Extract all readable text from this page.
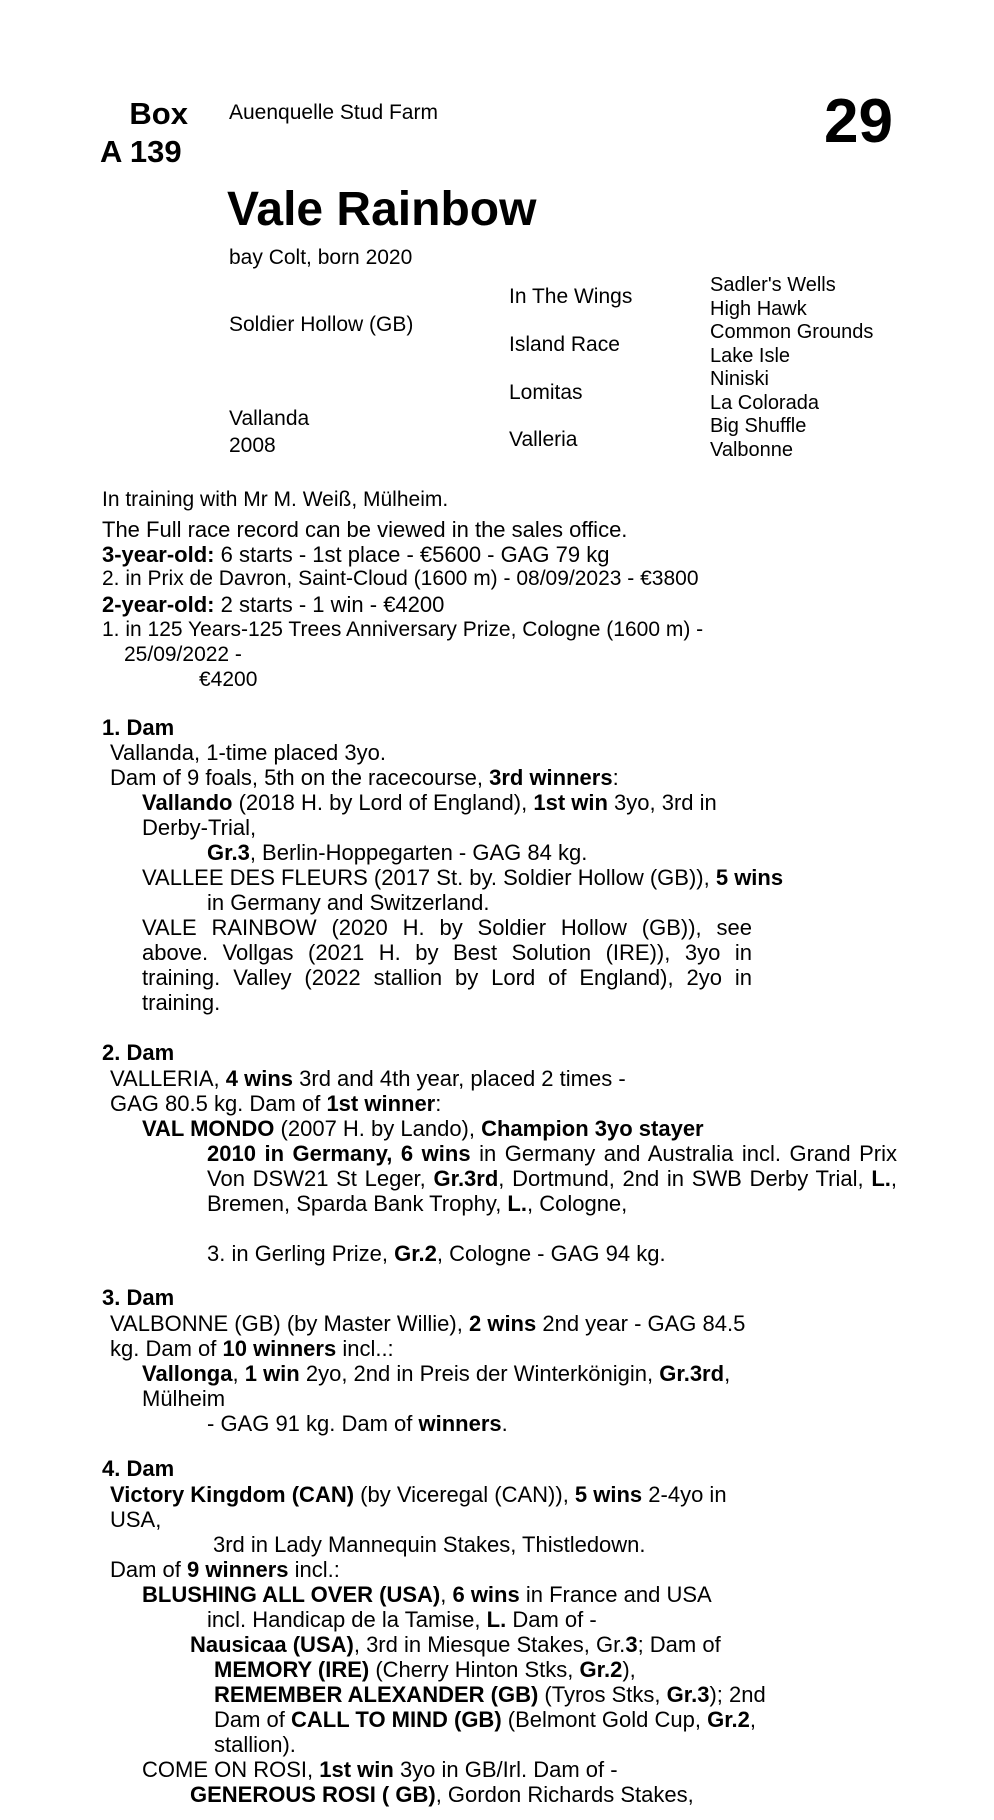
Box
A 139
Auenquelle Stud Farm	29
Vale Rainbow
bay Colt, born 2020
Soldier Hollow (GB)
Vallanda
2008
In The Wings
Island Race
Lomitas
Valleria
Sadler's Wells
High Hawk
Common Grounds
Lake Isle
Niniski
La Colorada
Big Shuffle
Valbonne
In training with Mr M. Weiß, Mülheim.
The Full race record can be viewed in the sales office.
3-year-old: 6 starts - 1st place - €5600 - GAG 79 kg
2. in Prix de Davron, Saint-Cloud (1600 m) - 08/09/2023 - €3800
2-year-old: 2 starts - 1 win - €4200
1. in 125 Years-125 Trees Anniversary Prize, Cologne (1600 m) -
25/09/2022 -
€4200
1. Dam
Vallanda, 1-time placed 3yo.
Dam of 9 foals, 5th on the racecourse, 3rd winners:
Vallando (2018 H. by Lord of England), 1st win 3yo, 3rd in
Derby-Trial,
Gr.3, Berlin-Hoppegarten - GAG 84 kg.
VALLEE DES FLEURS (2017 St. by. Soldier Hollow (GB)), 5 wins
in Germany and Switzerland.
VALE RAINBOW (2020 H. by Soldier Hollow (GB)), see above. Vollgas (2021 H. by Best Solution (IRE)), 3yo in training. Valley (2022 stallion by Lord of England), 2yo in training.
2. Dam
VALLERIA, 4 wins 3rd and 4th year, placed 2 times -
GAG 80.5 kg. Dam of 1st winner:
VAL MONDO (2007 H. by Lando), Champion 3yo stayer
2010 in Germany, 6 wins in Germany and Australia incl. Grand Prix Von DSW21 St Leger, Gr.3rd, Dortmund, 2nd in SWB Derby Trial, L., Bremen, Sparda Bank Trophy, L., Cologne,
3. in Gerling Prize, Gr.2, Cologne - GAG 94 kg.
3. Dam
VALBONNE (GB) (by Master Willie), 2 wins 2nd year - GAG 84.5
kg. Dam of 10 winners incl..:
Vallonga, 1 win 2yo, 2nd in Preis der Winterkönigin, Gr.3rd,
Mülheim
- GAG 91 kg. Dam of winners.
4. Dam
Victory Kingdom (CAN) (by Viceregal (CAN)), 5 wins 2-4yo in
USA,
3rd in Lady Mannequin Stakes, Thistledown.
Dam of 9 winners incl.:
BLUSHING ALL OVER (USA), 6 wins in France and USA
incl. Handicap de la Tamise, L. Dam of -
Nausicaa (USA), 3rd in Miesque Stakes, Gr.3; Dam of
MEMORY (IRE) (Cherry Hinton Stks, Gr.2),
REMEMBER ALEXANDER (GB) (Tyros Stks, Gr.3); 2nd
Dam of CALL TO MIND (GB) (Belmont Gold Cup, Gr.2,
stallion).
COME ON ROSI, 1st win 3yo in GB/Irl. Dam of -
GENEROUS ROSI ( GB), Gordon Richards Stakes,
